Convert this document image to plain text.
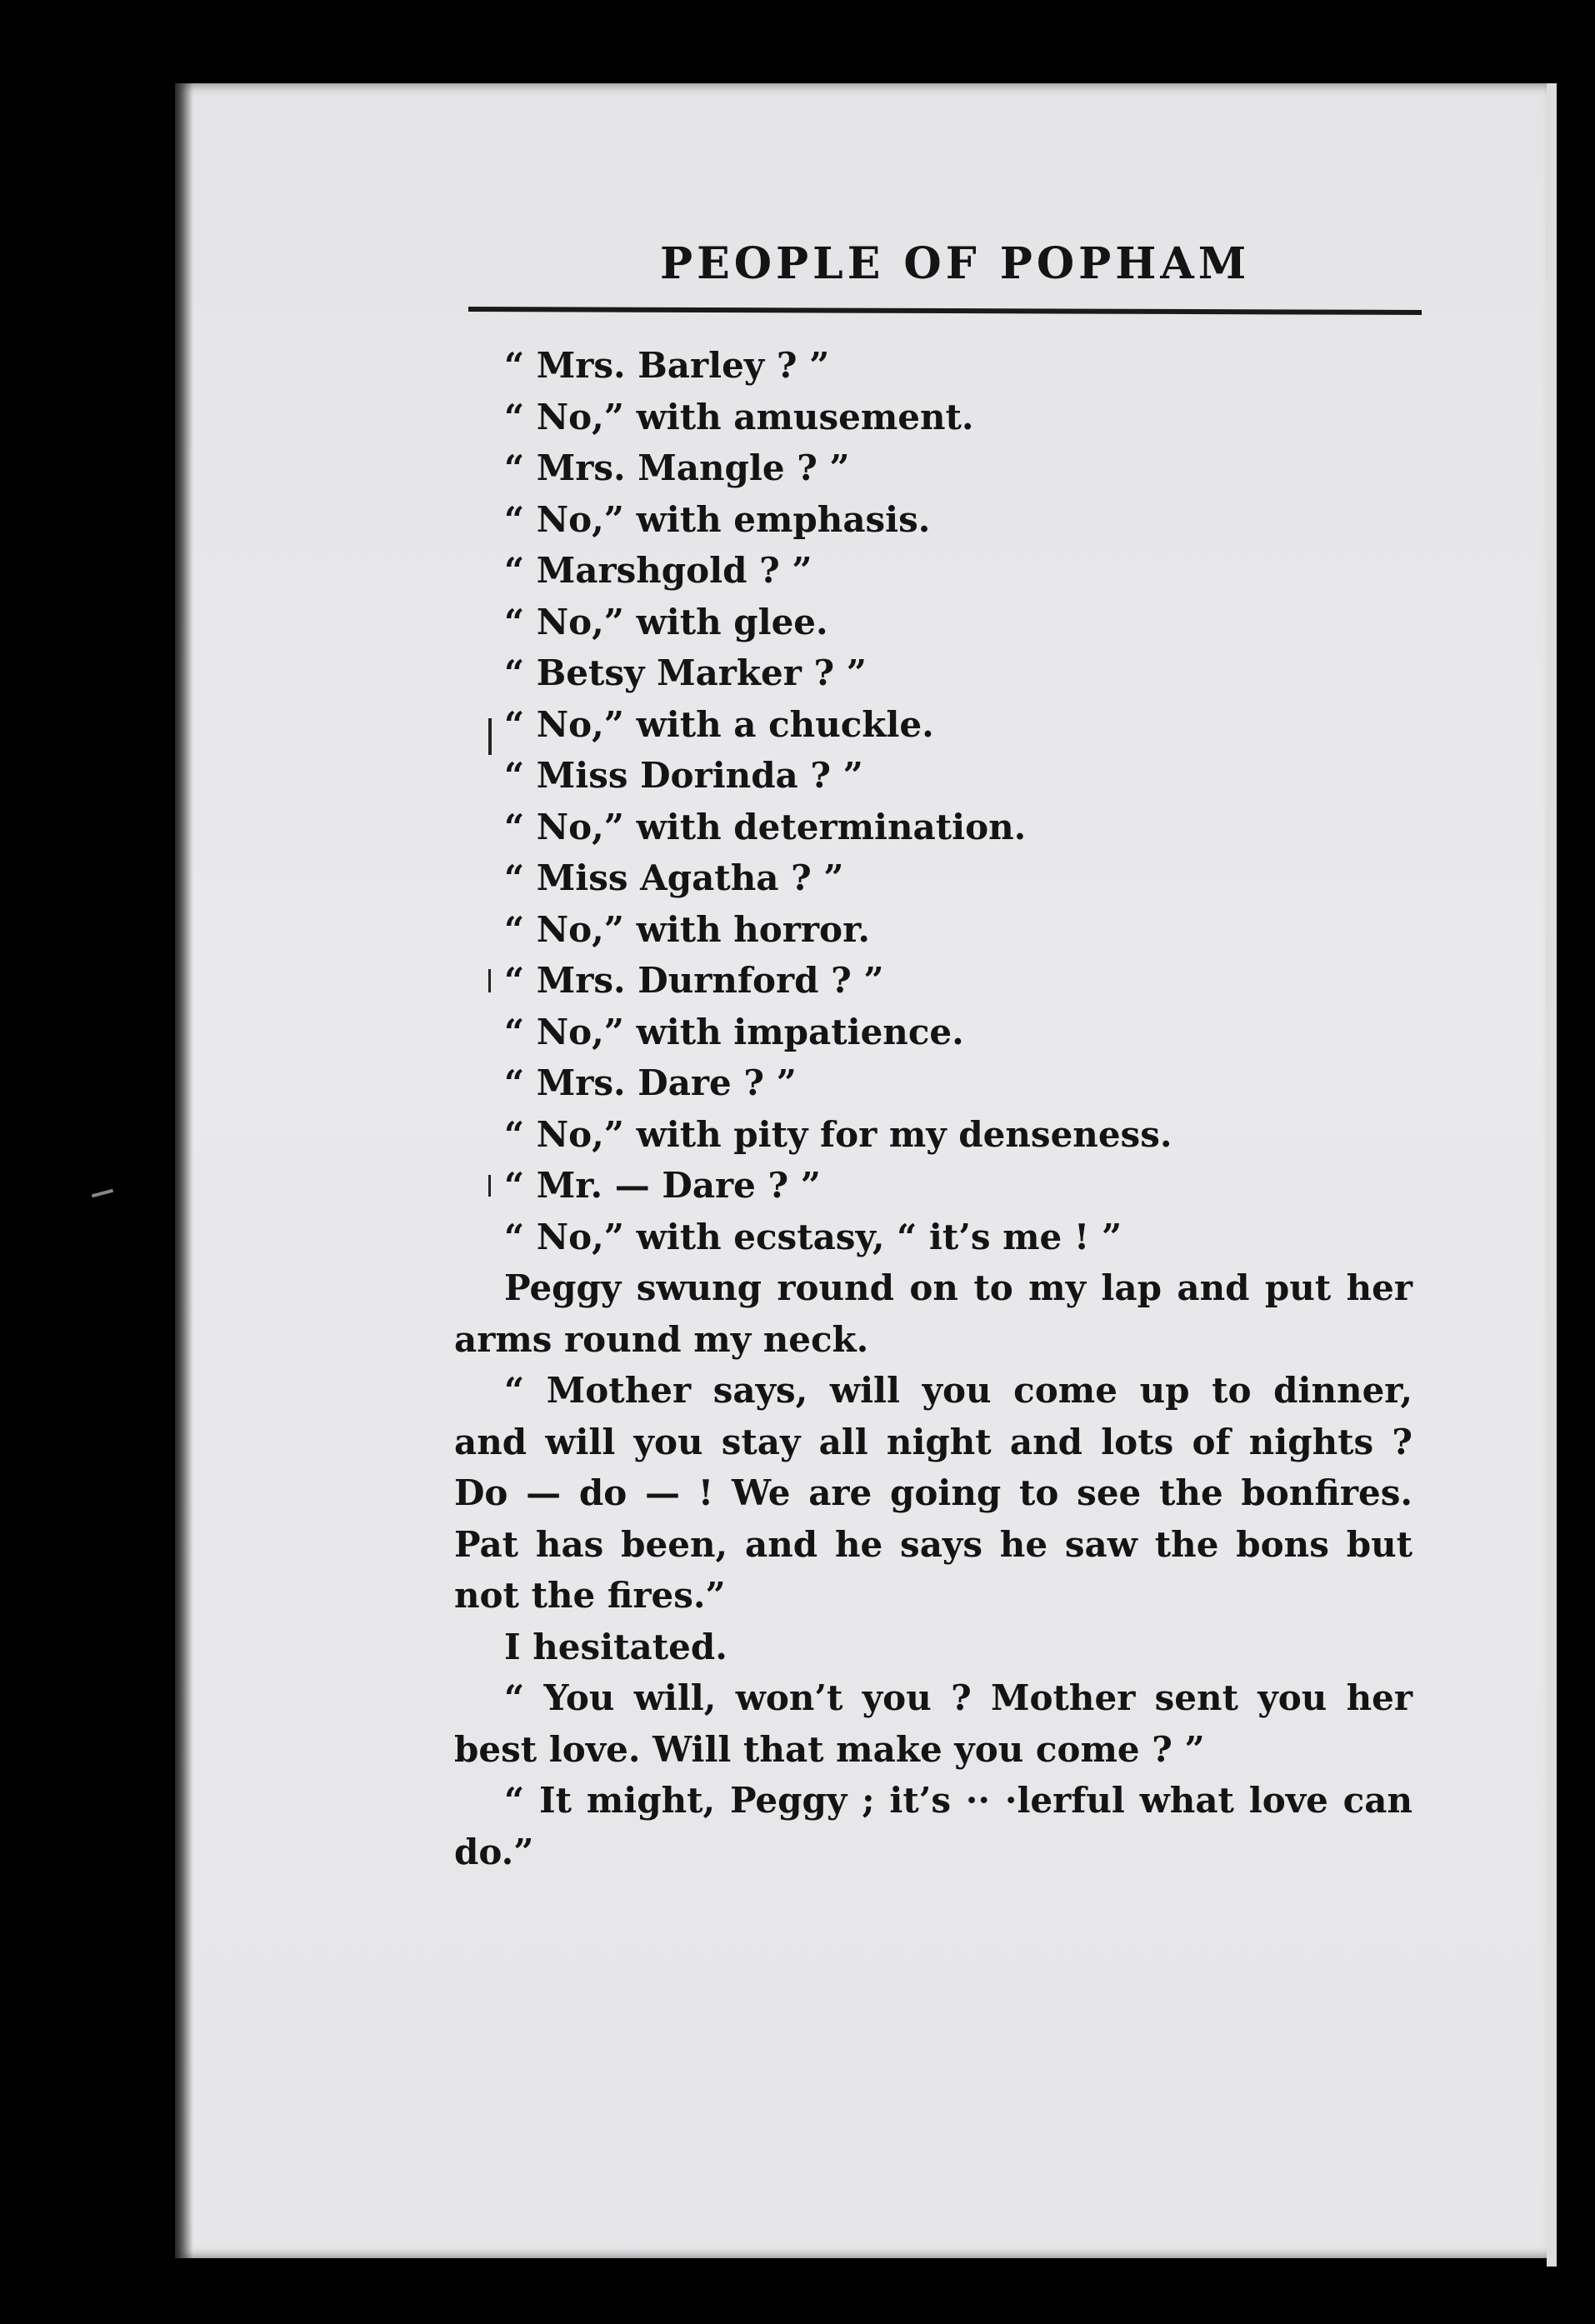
PEOPLE OF POPHAM
“ Mrs. Barley ? ”
“ No,” with amusement.
“ Mrs. Mangle ? ”
“ No,” with emphasis.
“ Marshgold ? ”
“ No,” with glee.
“ Betsy Marker ? ”
“ No,” with a chuckle.
“ Miss Dorinda ? ”
“ No,” with determination.
“ Miss Agatha ? ”
“ No,” with horror.
“ Mrs. Durnford ? ”
“ No,” with impatience.
“ Mrs. Dare ? ”
“ No,” with pity for my denseness.
“ Mr. — Dare ? ”
“ No,” with ecstasy, “ it’s me ! ”
Peggy swung round on to my lap and put her arms round my neck.
“ Mother says, will you come up to dinner, and will you stay all night and lots of nights ? Do — do — ! We are going to see the bonfires. Pat has been, and he says he saw the bons but not the fires.”
I hesitated.
“ You will, won’t you ? Mother sent you her best love. Will that make you come ? ”
“ It might, Peggy ; it’s ·· ·lerful what love can do.”
